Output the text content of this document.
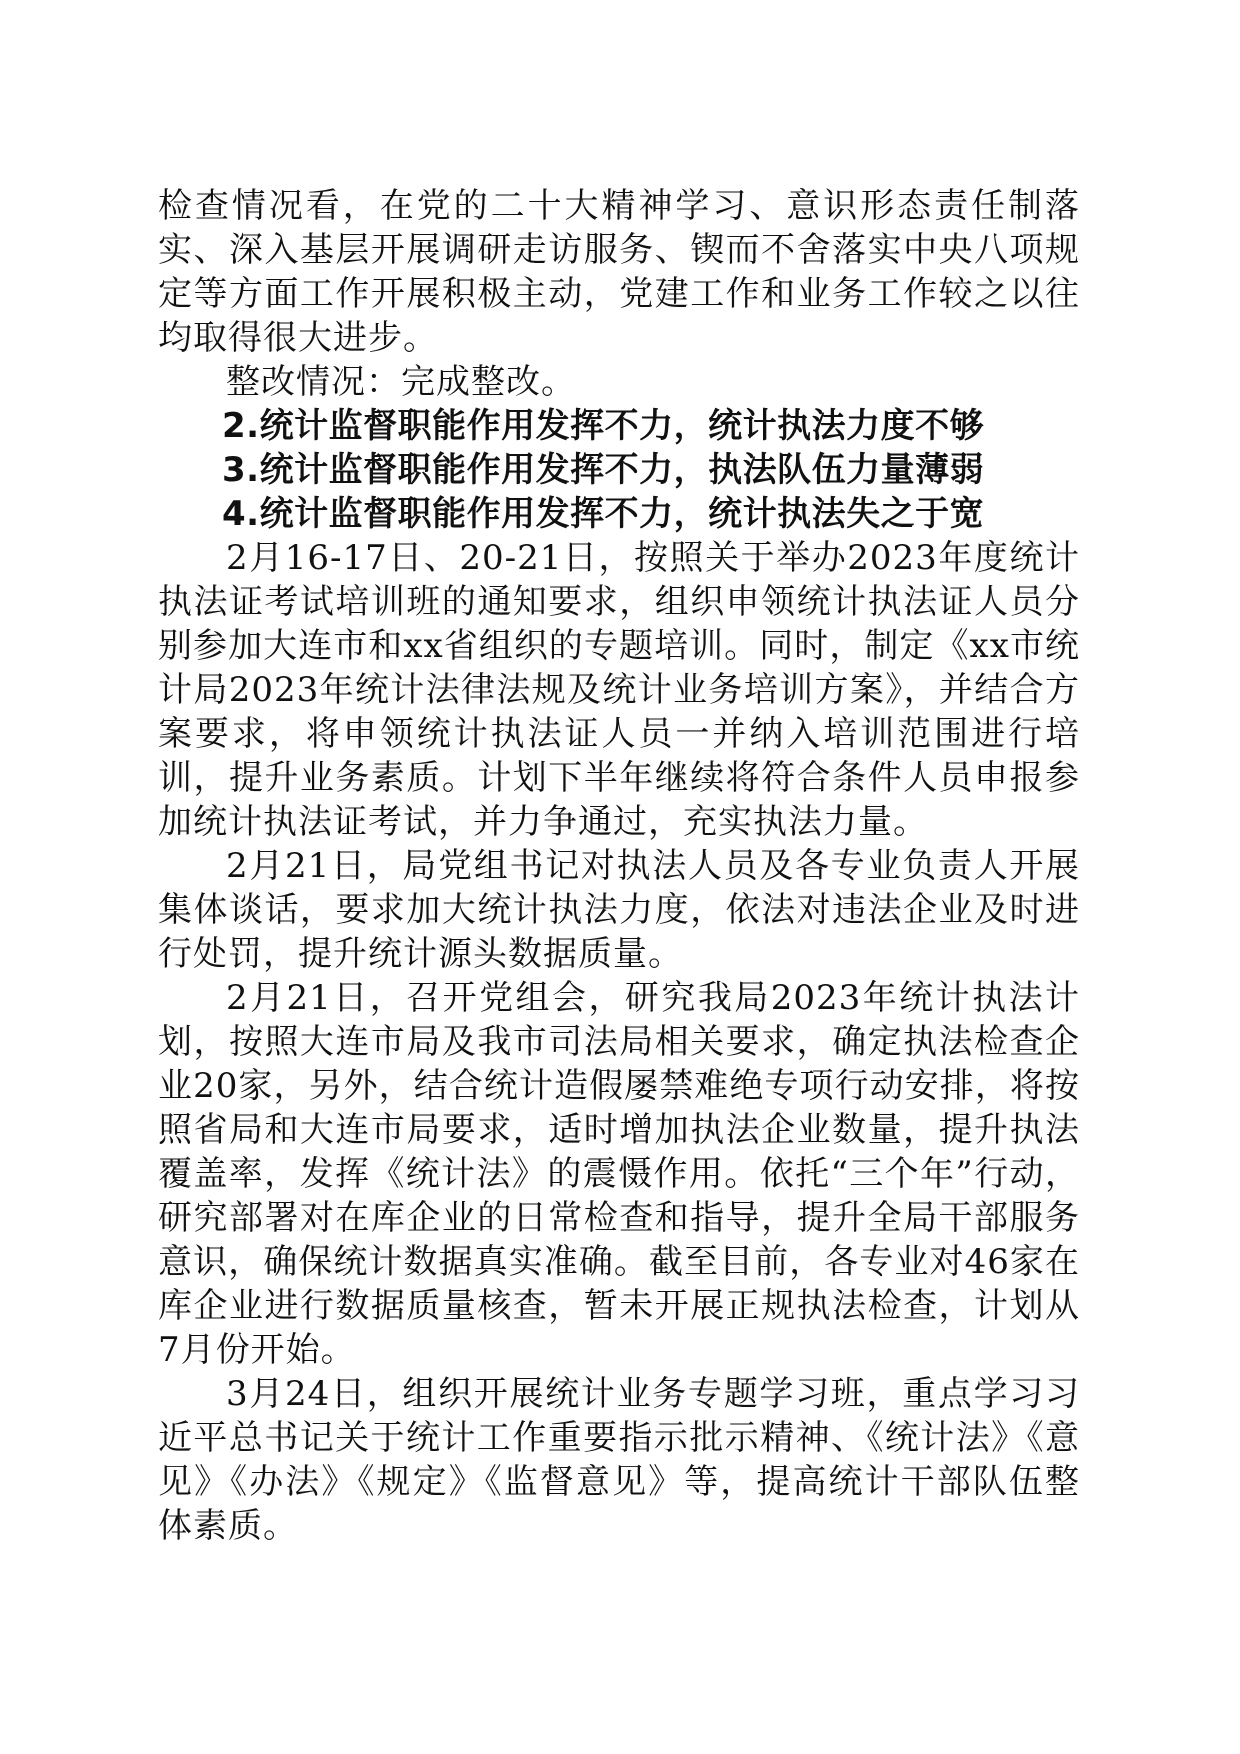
检查情况看，在党的二十大精神学习、意识形态责任制落实、深入基层开展调研走访服务、锲而不舍落实中央八项规定等方面工作开展积极主动，党建工作和业务工作较之以往均取得很大进步。

整改情况：完成整改。

2.统计监督职能作用发挥不力，统计执法力度不够

3.统计监督职能作用发挥不力，执法队伍力量薄弱

4.统计监督职能作用发挥不力，统计执法失之于宽

2月16-17日、20-21日，按照关于举办2023年度统计执法证考试培训班的通知要求，组织申领统计执法证人员分别参加大连市和xx省组织的专题培训。同时，制定《xx市统计局2023年统计法律法规及统计业务培训方案》，并结合方案要求，将申领统计执法证人员一并纳入培训范围进行培训，提升业务素质。计划下半年继续将符合条件人员申报参加统计执法证考试，并力争通过，充实执法力量。

2月21日，局党组书记对执法人员及各专业负责人开展集体谈话，要求加大统计执法力度，依法对违法企业及时进行处罚，提升统计源头数据质量。

2月21日，召开党组会，研究我局2023年统计执法计划，按照大连市局及我市司法局相关要求，确定执法检查企业20家，另外，结合统计造假屡禁难绝专项行动安排，将按照省局和大连市局要求，适时增加执法企业数量，提升执法覆盖率，发挥《统计法》的震慑作用。依托“三个年”行动，研究部署对在库企业的日常检查和指导，提升全局干部服务意识，确保统计数据真实准确。截至目前，各专业对46家在库企业进行数据质量核查，暂未开展正规执法检查，计划从7月份开始。

3月24日，组织开展统计业务专题学习班，重点学习习近平总书记关于统计工作重要指示批示精神、《统计法》《意见》《办法》《规定》《监督意见》等，提高统计干部队伍整体素质。
